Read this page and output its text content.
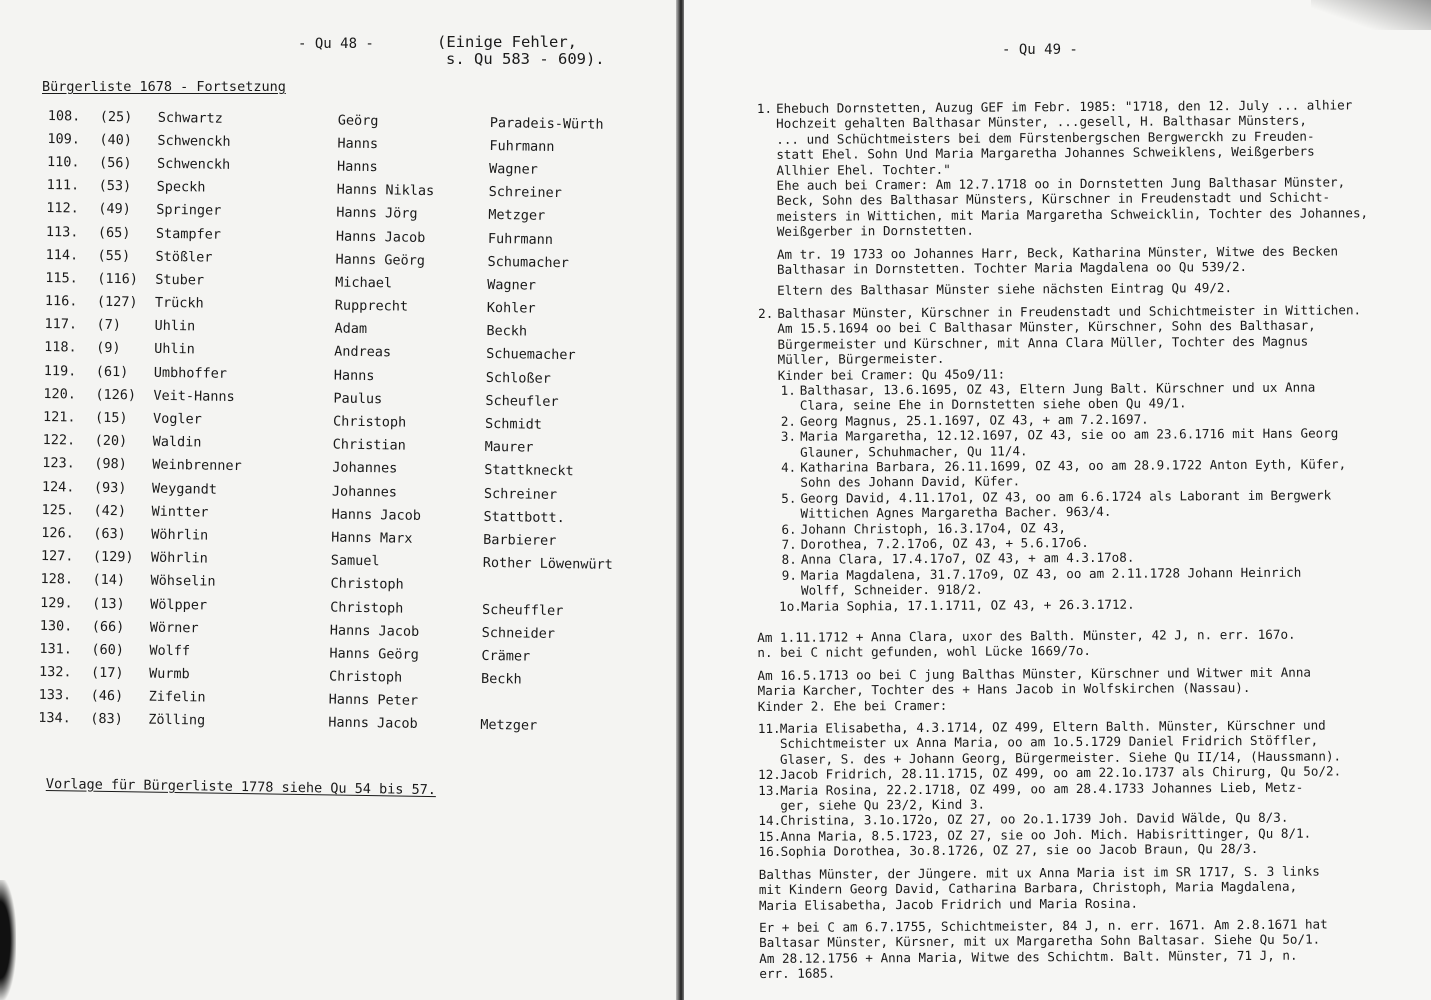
- Qu 48 -	(Einige Fehler,
s. Qu 583 - 609).
Bürgerliste 1678 - Fortsetzung
108.	(25)	Schwartz	Geörg	Paradeis-Würth
109.	(40)	Schwenckh	Hanns	Fuhrmann
110.	(56)	Schwenckh	Hanns	Wagner
111.	(53)	Speckh	Hanns Niklas	Schreiner
112.	(49)	Springer	Hanns Jörg	Metzger
113.	(65)	Stampfer	Hanns Jacob	Fuhrmann
114.	(55)	Stößler	Hanns Geörg	Schumacher
115.	(116)	Stuber	Michael	Wagner
116.	(127)	Trückh	Rupprecht	Kohler
117.	(7)	Uhlin	Adam	Beckh
118.	(9)	Uhlin	Andreas	Schuemacher
119.	(61)	Umbhoffer	Hanns	Schloßer
120.	(126)	Veit-Hanns	Paulus	Scheufler
121.	(15)	Vogler	Christoph	Schmidt
122.	(20)	Waldin	Christian	Maurer
123.	(98)	Weinbrenner	Johannes	Stattkneckt
124.	(93)	Weygandt	Johannes	Schreiner
125.	(42)	Wintter	Hanns Jacob	Stattbott.
126.	(63)	Wöhrlin	Hanns Marx	Barbierer
127.	(129)	Wöhrlin	Samuel	Rother Löwenwürt
128.	(14)	Wöhselin	Christoph	
129.	(13)	Wölpper	Christoph	Scheuffler
130.	(66)	Wörner	Hanns Jacob	Schneider
131.	(60)	Wolff	Hanns Geörg	Crämer
132.	(17)	Wurmb	Christoph	Beckh
133.	(46)	Zifelin	Hanns Peter	
134.	(83)	Zölling	Hanns Jacob	Metzger
Vorlage für Bürgerliste 1778 siehe Qu 54 bis 57.
- Qu 49 -
1. Ehebuch Dornstetten, Auzug GEF im Febr. 1985: "1718, den 12. July ... alhier
Hochzeit gehalten Balthasar Münster, ...gesell, H. Balthasar Münsters,
... und Schüchtmeisters bei dem Fürstenbergschen Bergwerckh zu Freuden-
statt Ehel. Sohn Und Maria Margaretha Johannes Schweiklens, Weißgerbers
Allhier Ehel. Tochter."
Ehe auch bei Cramer: Am 12.7.1718 oo in Dornstetten Jung Balthasar Münster,
Beck, Sohn des Balthasar Münsters, Kürschner in Freudenstadt und Schicht-
meisters in Wittichen, mit Maria Margaretha Schweicklin, Tochter des Johannes,
Weißgerber in Dornstetten.
Am tr. 19 1733 oo Johannes Harr, Beck, Katharina Münster, Witwe des Becken
Balthasar in Dornstetten. Tochter Maria Magdalena oo Qu 539/2.
Eltern des Balthasar Münster siehe nächsten Eintrag Qu 49/2.
2. Balthasar Münster, Kürschner in Freudenstadt und Schichtmeister in Wittichen.
Am 15.5.1694 oo bei C Balthasar Münster, Kürschner, Sohn des Balthasar,
Bürgermeister und Kürschner, mit Anna Clara Müller, Tochter des Magnus
Müller, Bürgermeister.
Kinder bei Cramer: Qu 45o9/11:
1. Balthasar, 13.6.1695, OZ 43, Eltern Jung Balt. Kürschner und ux Anna
Clara, seine Ehe in Dornstetten siehe oben Qu 49/1.
2. Georg Magnus, 25.1.1697, OZ 43, + am 7.2.1697.
3. Maria Margaretha, 12.12.1697, OZ 43, sie oo am 23.6.1716 mit Hans Georg
Glauner, Schuhmacher, Qu 11/4.
4. Katharina Barbara, 26.11.1699, OZ 43, oo am 28.9.1722 Anton Eyth, Küfer,
Sohn des Johann David, Küfer.
5. Georg David, 4.11.17o1, OZ 43, oo am 6.6.1724 als Laborant im Bergwerk
Wittichen Agnes Margaretha Bacher. 963/4.
6. Johann Christoph, 16.3.17o4, OZ 43,
7. Dorothea, 7.2.17o6, OZ 43, + 5.6.17o6.
8. Anna Clara, 17.4.17o7, OZ 43, + am 4.3.17o8.
9. Maria Magdalena, 31.7.17o9, OZ 43, oo am 2.11.1728 Johann Heinrich
Wolff, Schneider. 918/2.
1o. Maria Sophia, 17.1.1711, OZ 43, + 26.3.1712.
Am 1.11.1712 + Anna Clara, uxor des Balth. Münster, 42 J, n. err. 167o.
n. bei C nicht gefunden, wohl Lücke 1669/7o.
Am 16.5.1713 oo bei C jung Balthas Münster, Kürschner und Witwer mit Anna
Maria Karcher, Tochter des + Hans Jacob in Wolfskirchen (Nassau).
Kinder 2. Ehe bei Cramer:
11. Maria Elisabetha, 4.3.1714, OZ 499, Eltern Balth. Münster, Kürschner und
Schichtmeister ux Anna Maria, oo am 1o.5.1729 Daniel Fridrich Stöffler,
Glaser, S. des + Johann Georg, Bürgermeister. Siehe Qu II/14, (Haussmann).
12. Jacob Fridrich, 28.11.1715, OZ 499, oo am 22.1o.1737 als Chirurg, Qu 5o/2.
13. Maria Rosina, 22.2.1718, OZ 499, oo am 28.4.1733 Johannes Lieb, Metz-
ger, siehe Qu 23/2, Kind 3.
14. Christina, 3.1o.172o, OZ 27, oo 2o.1.1739 Joh. David Wälde, Qu 8/3.
15. Anna Maria, 8.5.1723, OZ 27, sie oo Joh. Mich. Habisrittinger, Qu 8/1.
16. Sophia Dorothea, 3o.8.1726, OZ 27, sie oo Jacob Braun, Qu 28/3.
Balthas Münster, der Jüngere. mit ux Anna Maria ist im SR 1717, S. 3 links
mit Kindern Georg David, Catharina Barbara, Christoph, Maria Magdalena,
Maria Elisabetha, Jacob Fridrich und Maria Rosina.
Er + bei C am 6.7.1755, Schichtmeister, 84 J, n. err. 1671. Am 2.8.1671 hat
Baltasar Münster, Kürsner, mit ux Margaretha Sohn Baltasar. Siehe Qu 5o/1.
Am 28.12.1756 + Anna Maria, Witwe des Schichtm. Balt. Münster, 71 J, n.
err. 1685.
